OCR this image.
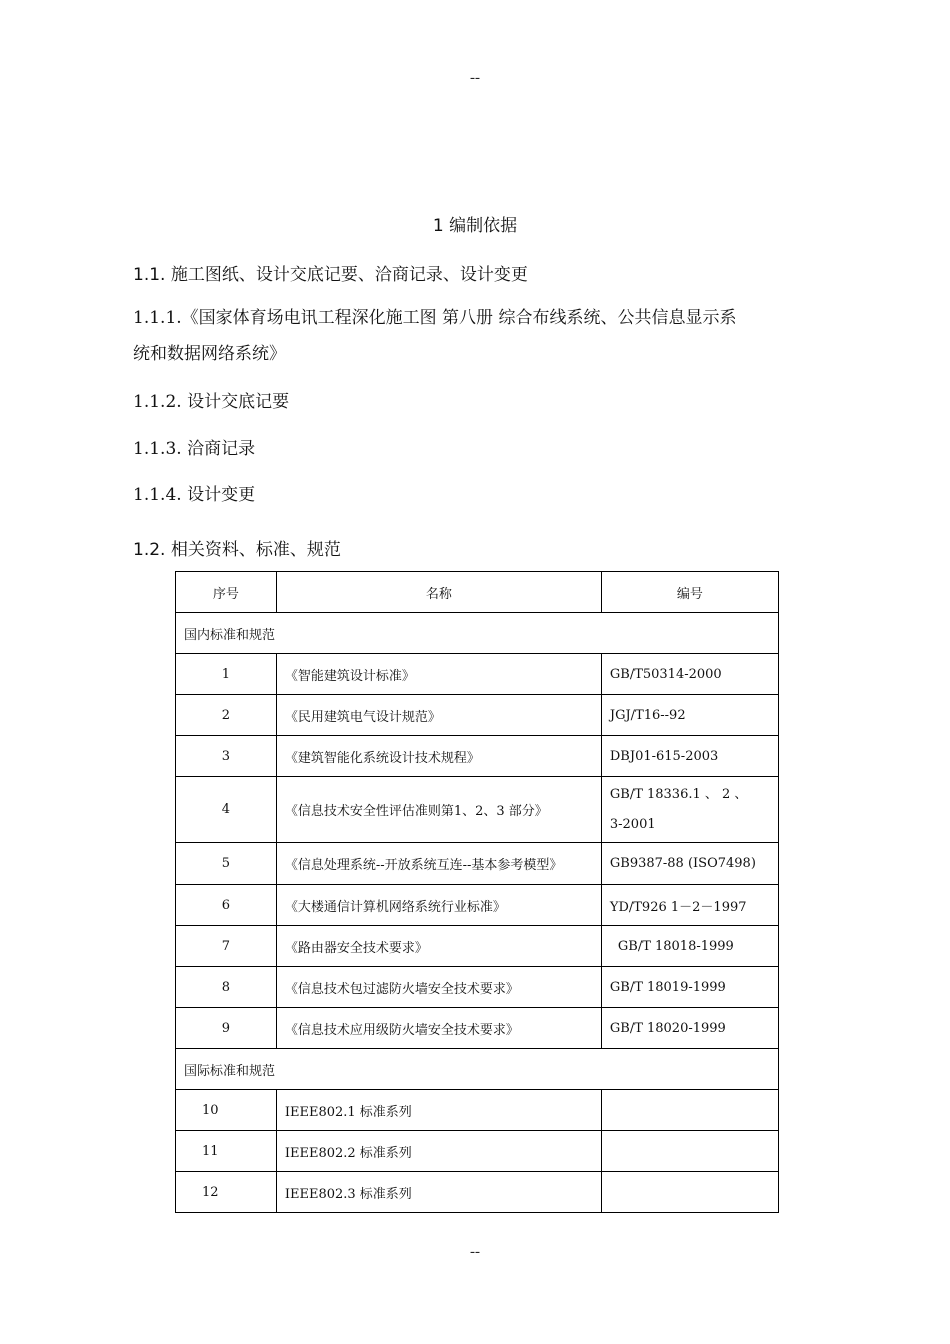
--
1 编制依据
1.1. 施工图纸、设计交底记要、洽商记录、设计变更
1.1.1.《国家体育场电讯工程深化施工图 第八册 综合布线系统、公共信息显示系
统和数据网络系统》
1.1.2. 设计交底记要
1.1.3. 洽商记录
1.1.4. 设计变更
1.2. 相关资料、标准、规范
序号	名称	编号
国内标准和规范		
1	《智能建筑设计标准》	GB/T50314-2000
2	《民用建筑电气设计规范》	JGJ/T16--92
3	《建筑智能化系统设计技术规程》	DBJ01-615-2003
4	《信息技术安全性评估准则第1、2、3 部分》	GB/T 18336.1 、 2 、
3-2001

5	《信息处理系统--开放系统互连--基本参考模型》	GB9387-88 (ISO7498)
6	《大楼通信计算机网络系统行业标准》	YD/T926 1－2－1997
7	《路由器安全技术要求》	GB/T 18018-1999
8	《信息技术包过滤防火墙安全技术要求》	GB/T 18019-1999
9	《信息技术应用级防火墙安全技术要求》	GB/T 18020-1999
国际标准和规范		
10	IEEE802.1 标准系列	
11	IEEE802.2 标准系列	
12	IEEE802.3 标准系列	
--
